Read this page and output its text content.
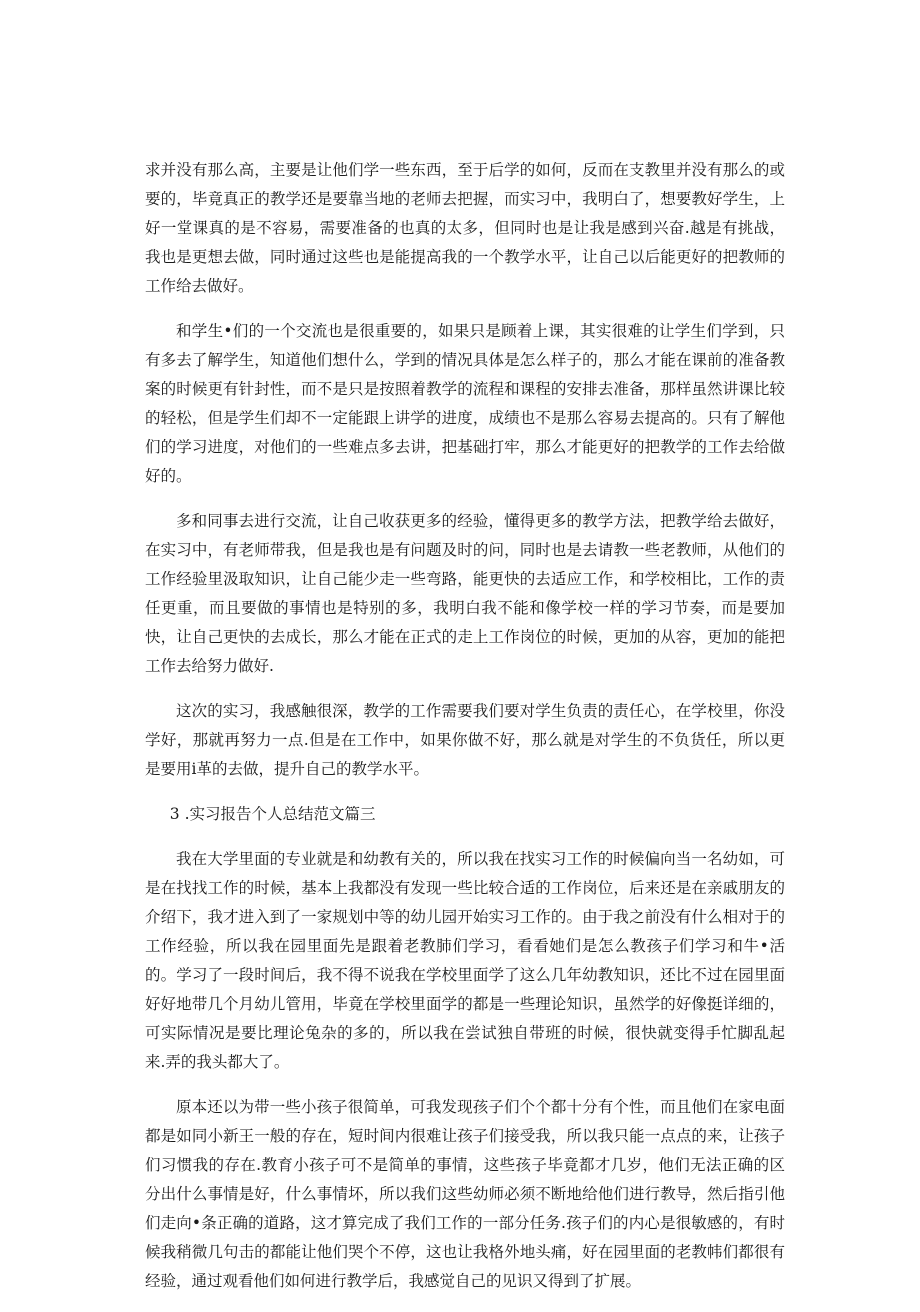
求并没有那么高，主要是让他们学一些东西，至于后学的如何，反而在支教里并没有那么的或要的，毕竟真正的教学还是要靠当地的老师去把握，而实习中，我明白了，想要教好学生，上好一堂课真的是不容易，需要准备的也真的太多，但同时也是让我是感到兴奋.越是有挑战，我也是更想去做，同时通过这些也是能提高我的一个教学水平，让自己以后能更好的把教师的工作给去做好。

和学生•们的一个交流也是很重要的，如果只是顾着上课，其实很难的让学生们学到，只有多去了解学生，知道他们想什么，学到的情况具体是怎么样子的，那么才能在课前的准备教案的时候更有针封性，而不是只是按照着教学的流程和课程的安排去准备，那样虽然讲课比较的轻松，但是学生们却不一定能跟上讲学的进度，成绩也不是那么容易去提高的。只有了解他们的学习进度，对他们的一些难点多去讲，把基础打牢，那么才能更好的把教学的工作去给做好的。

多和同事去进行交流，让自己收获更多的经验，懂得更多的教学方法，把教学给去做好，在实习中，有老师带我，但是我也是有问题及时的问，同时也是去请教一些老教师，从他们的工作经验里汲取知识，让自己能少走一些弯路，能更快的去适应工作，和学校相比，工作的责任更重，而且要做的事情也是特别的多，我明白我不能和像学校一样的学习节奏，而是要加快，让自己更快的去成长，那么才能在正式的走上工作岗位的时候，更加的从容，更加的能把工作去给努力做好.

这次的实习，我感触很深，教学的工作需要我们要对学生负责的责任心，在学校里，你没学好，那就再努力一点.但是在工作中，如果你做不好，那么就是对学生的不负货任，所以更是要用i革的去做，提升自己的教学水平。

3 .实习报告个人总结范文篇三

我在大学里面的专业就是和幼教有关的，所以我在找实习工作的时候偏向当一名幼如，可是在找找工作的时候，基本上我都没有发现一些比较合适的工作岗位，后来还是在亲戚朋友的介绍下，我才进入到了一家规划中等的幼儿园开始实习工作的。由于我之前没有什么相对于的工作经验，所以我在园里面先是跟着老教肺们学习，看看她们是怎么教孩子们学习和牛•活的。学习了一段时间后，我不得不说我在学校里面学了这么几年幼教知识，还比不过在园里面好好地带几个月幼儿管用，毕竟在学校里面学的都是一些理论知识，虽然学的好像挺详细的，可实际情况是要比理论兔杂的多的，所以我在尝试独自带班的时候，很快就变得手忙脚乱起来.弄的我头都大了。

原本还以为带一些小孩子很简单，可我发现孩子们个个都十分有个性，而且他们在家电面都是如同小新王一般的存在，短时间内很难让孩子们接受我，所以我只能一点点的来，让孩子们习惯我的存在.教育小孩子可不是简单的事情，这些孩子毕竟都才几岁，他们无法正确的区分出什么事情是好，什么事情坏，所以我们这些幼师必须不断地给他们进行教导，然后指引他们走向•条正确的道路，这才算完成了我们工作的一部分任务.孩子们的内心是很敏感的，有时候我稍微几句击的都能让他们哭个不停，这也让我格外地头痛，好在园里面的老教帏们都很有经验，通过观看他们如何进行教学后，我感觉自己的见识又得到了扩展。
